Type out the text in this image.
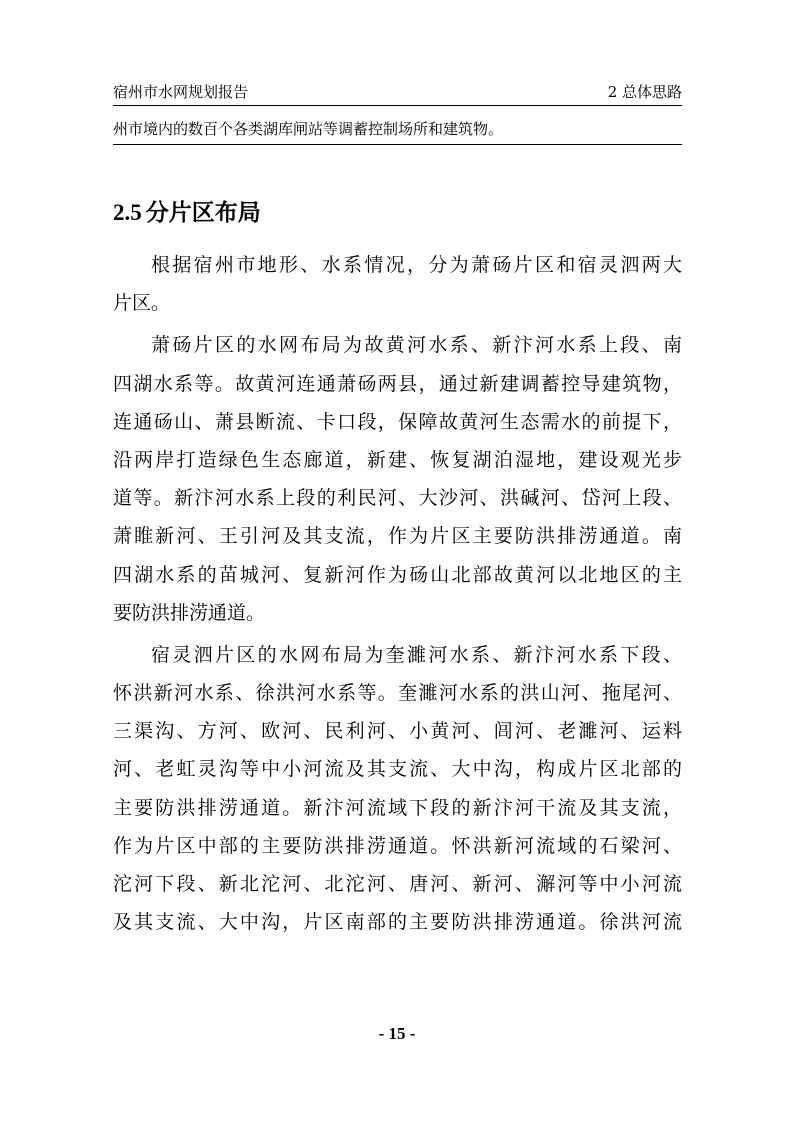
宿州市水网规划报告	2 总体思路
州市境内的数百个各类湖库闸站等调蓄控制场所和建筑物。
2.5 分片区布局
根据宿州市地形、水系情况，分为萧砀片区和宿灵泗两大
片区。
萧砀片区的水网布局为故黄河水系、新汴河水系上段、南
四湖水系等。故黄河连通萧砀两县，通过新建调蓄控导建筑物，
连通砀山、萧县断流、卡口段，保障故黄河生态需水的前提下，
沿两岸打造绿色生态廊道，新建、恢复湖泊湿地，建设观光步
道等。新汴河水系上段的利民河、大沙河、洪碱河、岱河上段、
萧睢新河、王引河及其支流，作为片区主要防洪排涝通道。南
四湖水系的苗城河、复新河作为砀山北部故黄河以北地区的主
要防洪排涝通道。
宿灵泗片区的水网布局为奎濉河水系、新汴河水系下段、
怀洪新河水系、徐洪河水系等。奎濉河水系的洪山河、拖尾河、
三渠沟、方河、欧河、民利河、小黄河、闾河、老濉河、运料
河、老虹灵沟等中小河流及其支流、大中沟，构成片区北部的
主要防洪排涝通道。新汴河流域下段的新汴河干流及其支流，
作为片区中部的主要防洪排涝通道。怀洪新河流域的石梁河、
沱河下段、新北沱河、北沱河、唐河、新河、澥河等中小河流
及其支流、大中沟，片区南部的主要防洪排涝通道。徐洪河流
- 15 -
